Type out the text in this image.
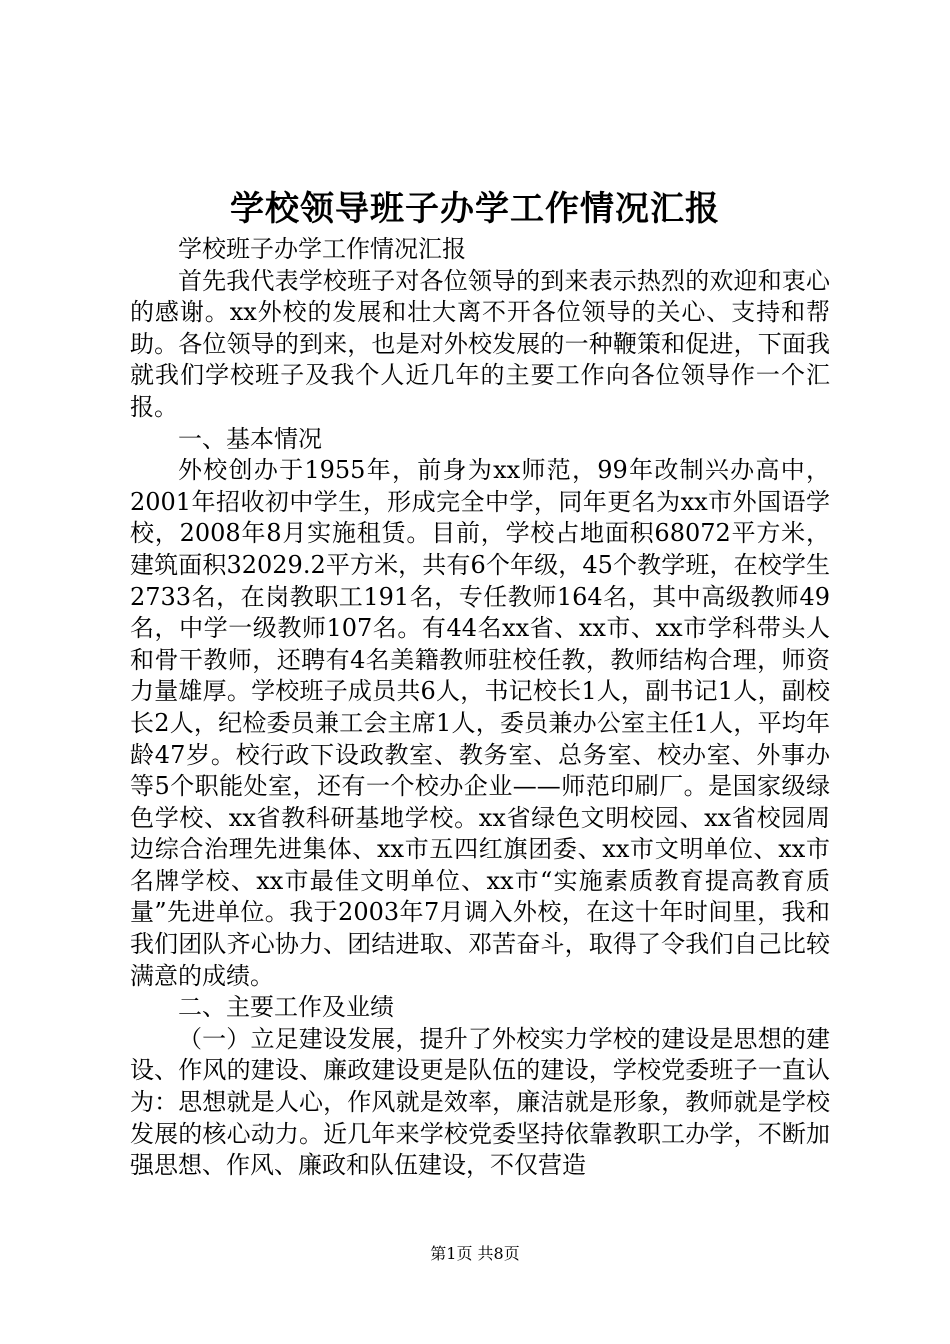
学校领导班子办学工作情况汇报

学校班子办学工作情况汇报

首先我代表学校班子对各位领导的到来表示热烈的欢迎和衷心的感谢。xx外校的发展和壮大离不开各位领导的关心、支持和帮助。各位领导的到来，也是对外校发展的一种鞭策和促进，下面我就我们学校班子及我个人近几年的主要工作向各位领导作一个汇报。

一、基本情况

外校创办于1955年，前身为xx师范，99年改制兴办高中，2001年招收初中学生，形成完全中学，同年更名为xx市外国语学校，2008年8月实施租赁。目前，学校占地面积68072平方米，建筑面积32029.2平方米，共有6个年级，45个教学班，在校学生2733名，在岗教职工191名，专任教师164名，其中高级教师49名，中学一级教师107名。有44名xx省、xx市、xx市学科带头人和骨干教师，还聘有4名美籍教师驻校任教，教师结构合理，师资力量雄厚。学校班子成员共6人，书记校长1人，副书记1人，副校长2人，纪检委员兼工会主席1人，委员兼办公室主任1人，平均年龄47岁。校行政下设政教室、教务室、总务室、校办室、外事办等5个职能处室，还有一个校办企业——师范印刷厂。是国家级绿色学校、xx省教科研基地学校。xx省绿色文明校园、xx省校园周边综合治理先进集体、xx市五四红旗团委、xx市文明单位、xx市名牌学校、xx市最佳文明单位、xx市“实施素质教育提高教育质量”先进单位。我于2003年7月调入外校，在这十年时间里，我和我们团队齐心协力、团结进取、邓苦奋斗，取得了令我们自己比较满意的成绩。

二、主要工作及业绩

（一）立足建设发展，提升了外校实力学校的建设是思想的建设、作风的建设、廉政建设更是队伍的建设，学校党委班子一直认为：思想就是人心，作风就是效率，廉洁就是形象，教师就是学校发展的核心动力。近几年来学校党委坚持依靠教职工办学，不断加强思想、作风、廉政和队伍建设，不仅营造

第1页 共8页
